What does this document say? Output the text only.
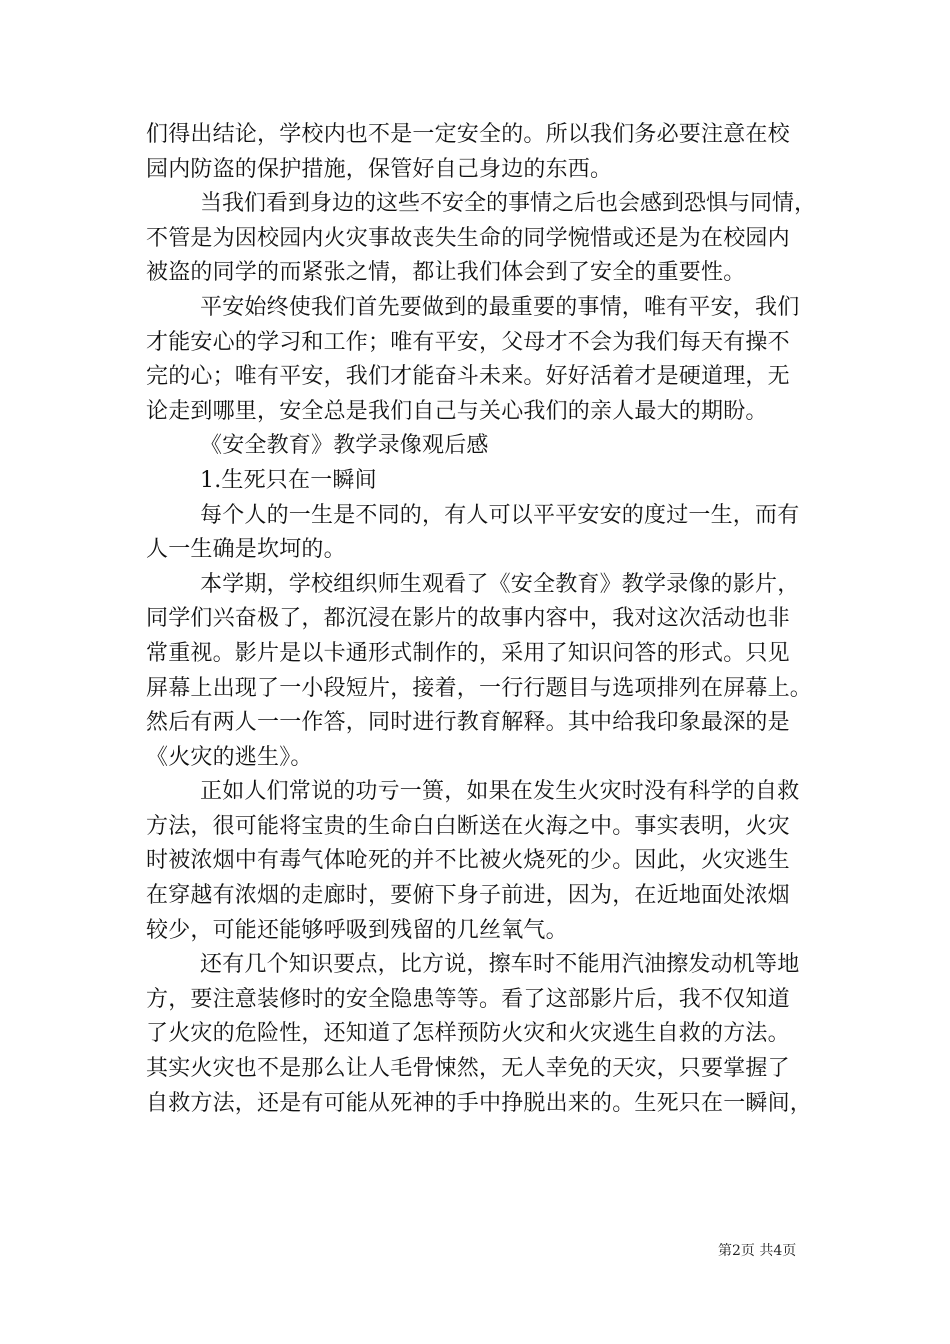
们得出结论，学校内也不是一定安全的。所以我们务必要注意在校
园内防盗的保护措施，保管好自己身边的东西。
当我们看到身边的这些不安全的事情之后也会感到恐惧与同情，
不管是为因校园内火灾事故丧失生命的同学惋惜或还是为在校园内
被盗的同学的而紧张之情，都让我们体会到了安全的重要性。
平安始终使我们首先要做到的最重要的事情，唯有平安，我们
才能安心的学习和工作；唯有平安，父母才不会为我们每天有操不
完的心；唯有平安，我们才能奋斗未来。好好活着才是硬道理，无
论走到哪里，安全总是我们自己与关心我们的亲人最大的期盼。
《安全教育》教学录像观后感
1.生死只在一瞬间
每个人的一生是不同的，有人可以平平安安的度过一生，而有
人一生确是坎坷的。
本学期，学校组织师生观看了《安全教育》教学录像的影片，
同学们兴奋极了，都沉浸在影片的故事内容中，我对这次活动也非
常重视。影片是以卡通形式制作的，采用了知识问答的形式。只见
屏幕上出现了一小段短片，接着，一行行题目与选项排列在屏幕上。
然后有两人一一作答，同时进行教育解释。其中给我印象最深的是
《火灾的逃生》。
正如人们常说的功亏一篑，如果在发生火灾时没有科学的自救
方法，很可能将宝贵的生命白白断送在火海之中。事实表明，火灾
时被浓烟中有毒气体呛死的并不比被火烧死的少。因此，火灾逃生
在穿越有浓烟的走廊时，要俯下身子前进，因为，在近地面处浓烟
较少，可能还能够呼吸到残留的几丝氧气。
还有几个知识要点，比方说，擦车时不能用汽油擦发动机等地
方，要注意装修时的安全隐患等等。看了这部影片后，我不仅知道
了火灾的危险性，还知道了怎样预防火灾和火灾逃生自救的方法。
其实火灾也不是那么让人毛骨悚然，无人幸免的天灾，只要掌握了
自救方法，还是有可能从死神的手中挣脱出来的。生死只在一瞬间，
第2页 共4页
